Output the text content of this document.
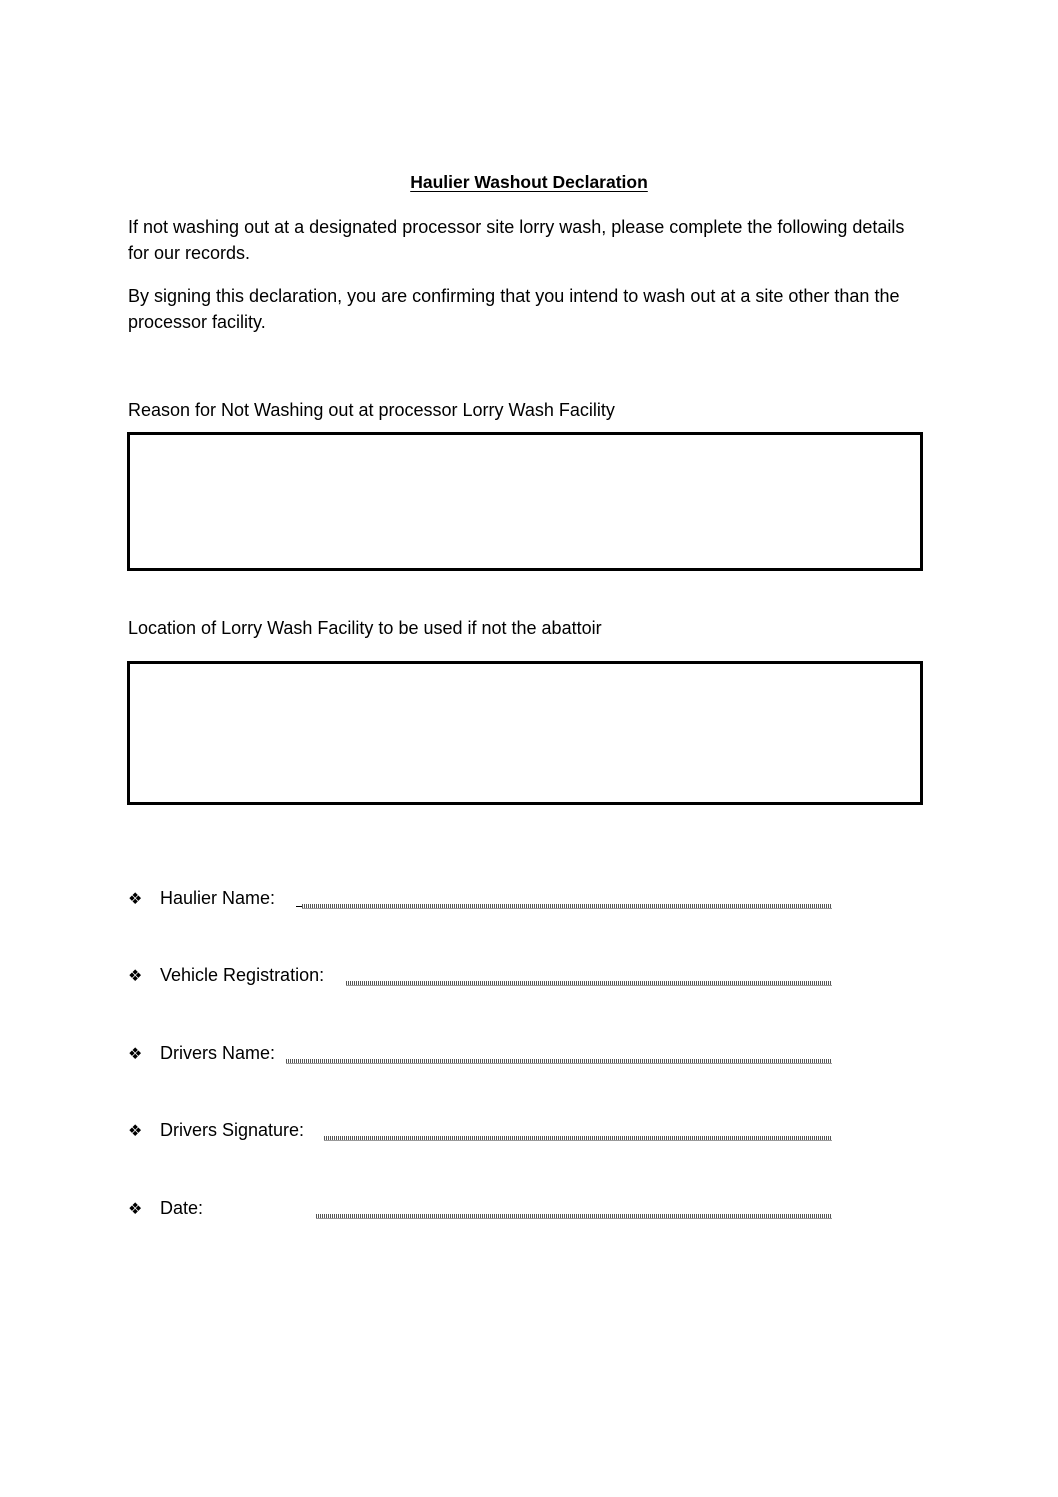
Haulier Washout Declaration
If not washing out at a designated processor site lorry wash, please complete the following details for our records.
By signing this declaration, you are confirming that you intend to wash out at a site other than the processor facility.
Reason for Not Washing out at processor Lorry Wash Facility
Location of Lorry Wash Facility to be used if not the abattoir
❖ Haulier Name:
❖ Vehicle Registration:
❖ Drivers Name:
❖ Drivers Signature:
❖ Date:
